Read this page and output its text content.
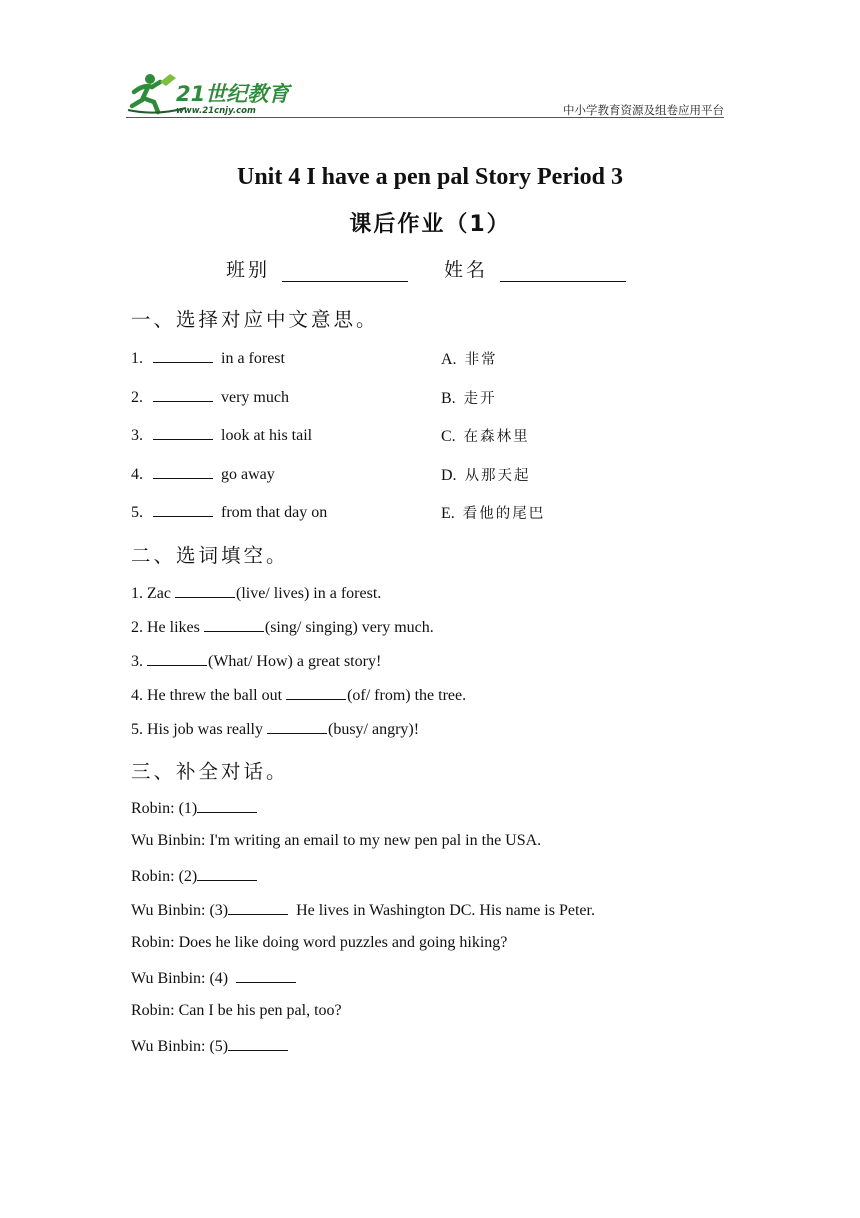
21世纪教育
www.21cnjy.com	中小学教育资源及组卷应用平台
Unit 4 I have a pen pal Story Period 3
课后作业（1）
班别	姓名
一、选择对应中文意思。
1.	in a forest
2.	very much
3.	look at his tail
4.	go away
5.	from that day on
A. 非常
B. 走开
C. 在森林里
D. 从那天起
E. 看他的尾巴
二、选词填空。
1. Zac	(live/ lives) in a forest.
2. He likes	(sing/ singing) very much.
3.	(What/ How) a great story!
4. He threw the ball out	(of/ from) the tree.
5. His job was really	(busy/ angry)!
三、补全对话。
Robin: (1)
Wu Binbin: I'm writing an email to my new pen pal in the USA.
Robin: (2)
Wu Binbin: (3)	He lives in Washington DC. His name is Peter.
Robin: Does he like doing word puzzles and going hiking?
Wu Binbin: (4)
Robin: Can I be his pen pal, too?
Wu Binbin: (5)
